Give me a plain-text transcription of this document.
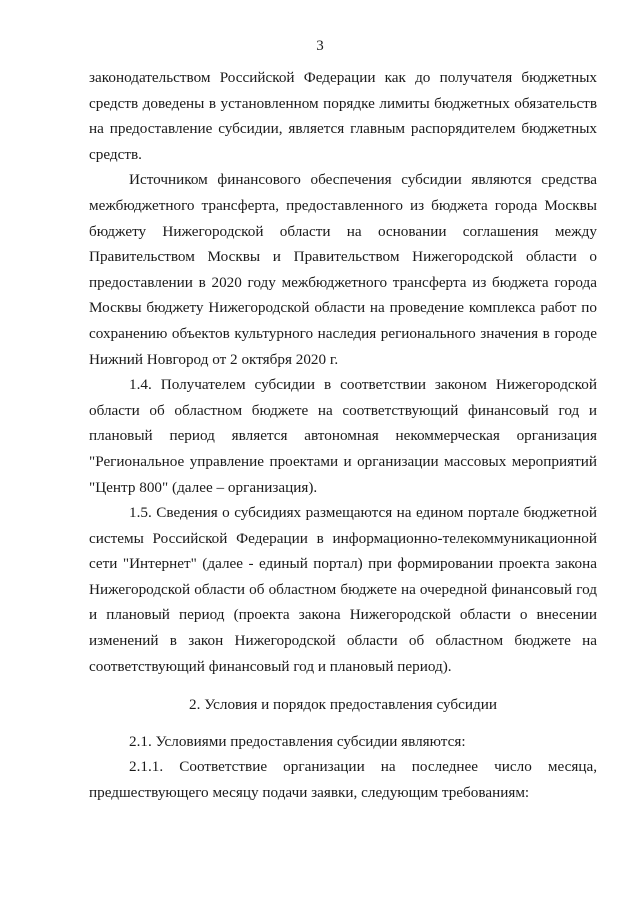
3

законодательством Российской Федерации как до получателя бюджетных средств доведены в установленном порядке лимиты бюджетных обязательств на предоставление субсидии, является главным распорядителем бюджетных средств.

Источником финансового обеспечения субсидии являются средства межбюджетного трансферта, предоставленного из бюджета города Москвы бюджету Нижегородской области на основании соглашения между Правительством Москвы и Правительством Нижегородской области о предоставлении в 2020 году межбюджетного трансферта из бюджета города Москвы бюджету Нижегородской области на проведение комплекса работ по сохранению объектов культурного наследия регионального значения в городе Нижний Новгород от 2 октября 2020 г.

1.4. Получателем субсидии в соответствии законом Нижегородской области об областном бюджете на соответствующий финансовый год и плановый период является автономная некоммерческая организация "Региональное управление проектами и организации массовых мероприятий "Центр 800" (далее – организация).

1.5. Сведения о субсидиях размещаются на едином портале бюджетной системы Российской Федерации в информационно-телекоммуникационной сети "Интернет" (далее - единый портал) при формировании проекта закона Нижегородской области об областном бюджете на очередной финансовый год и плановый период (проекта закона Нижегородской области о внесении изменений в закон Нижегородской области об областном бюджете на соответствующий финансовый год и плановый период).

2. Условия и порядок предоставления субсидии

2.1. Условиями предоставления субсидии являются:

2.1.1. Соответствие организации на последнее число месяца, предшествующего месяцу подачи заявки, следующим требованиям:
